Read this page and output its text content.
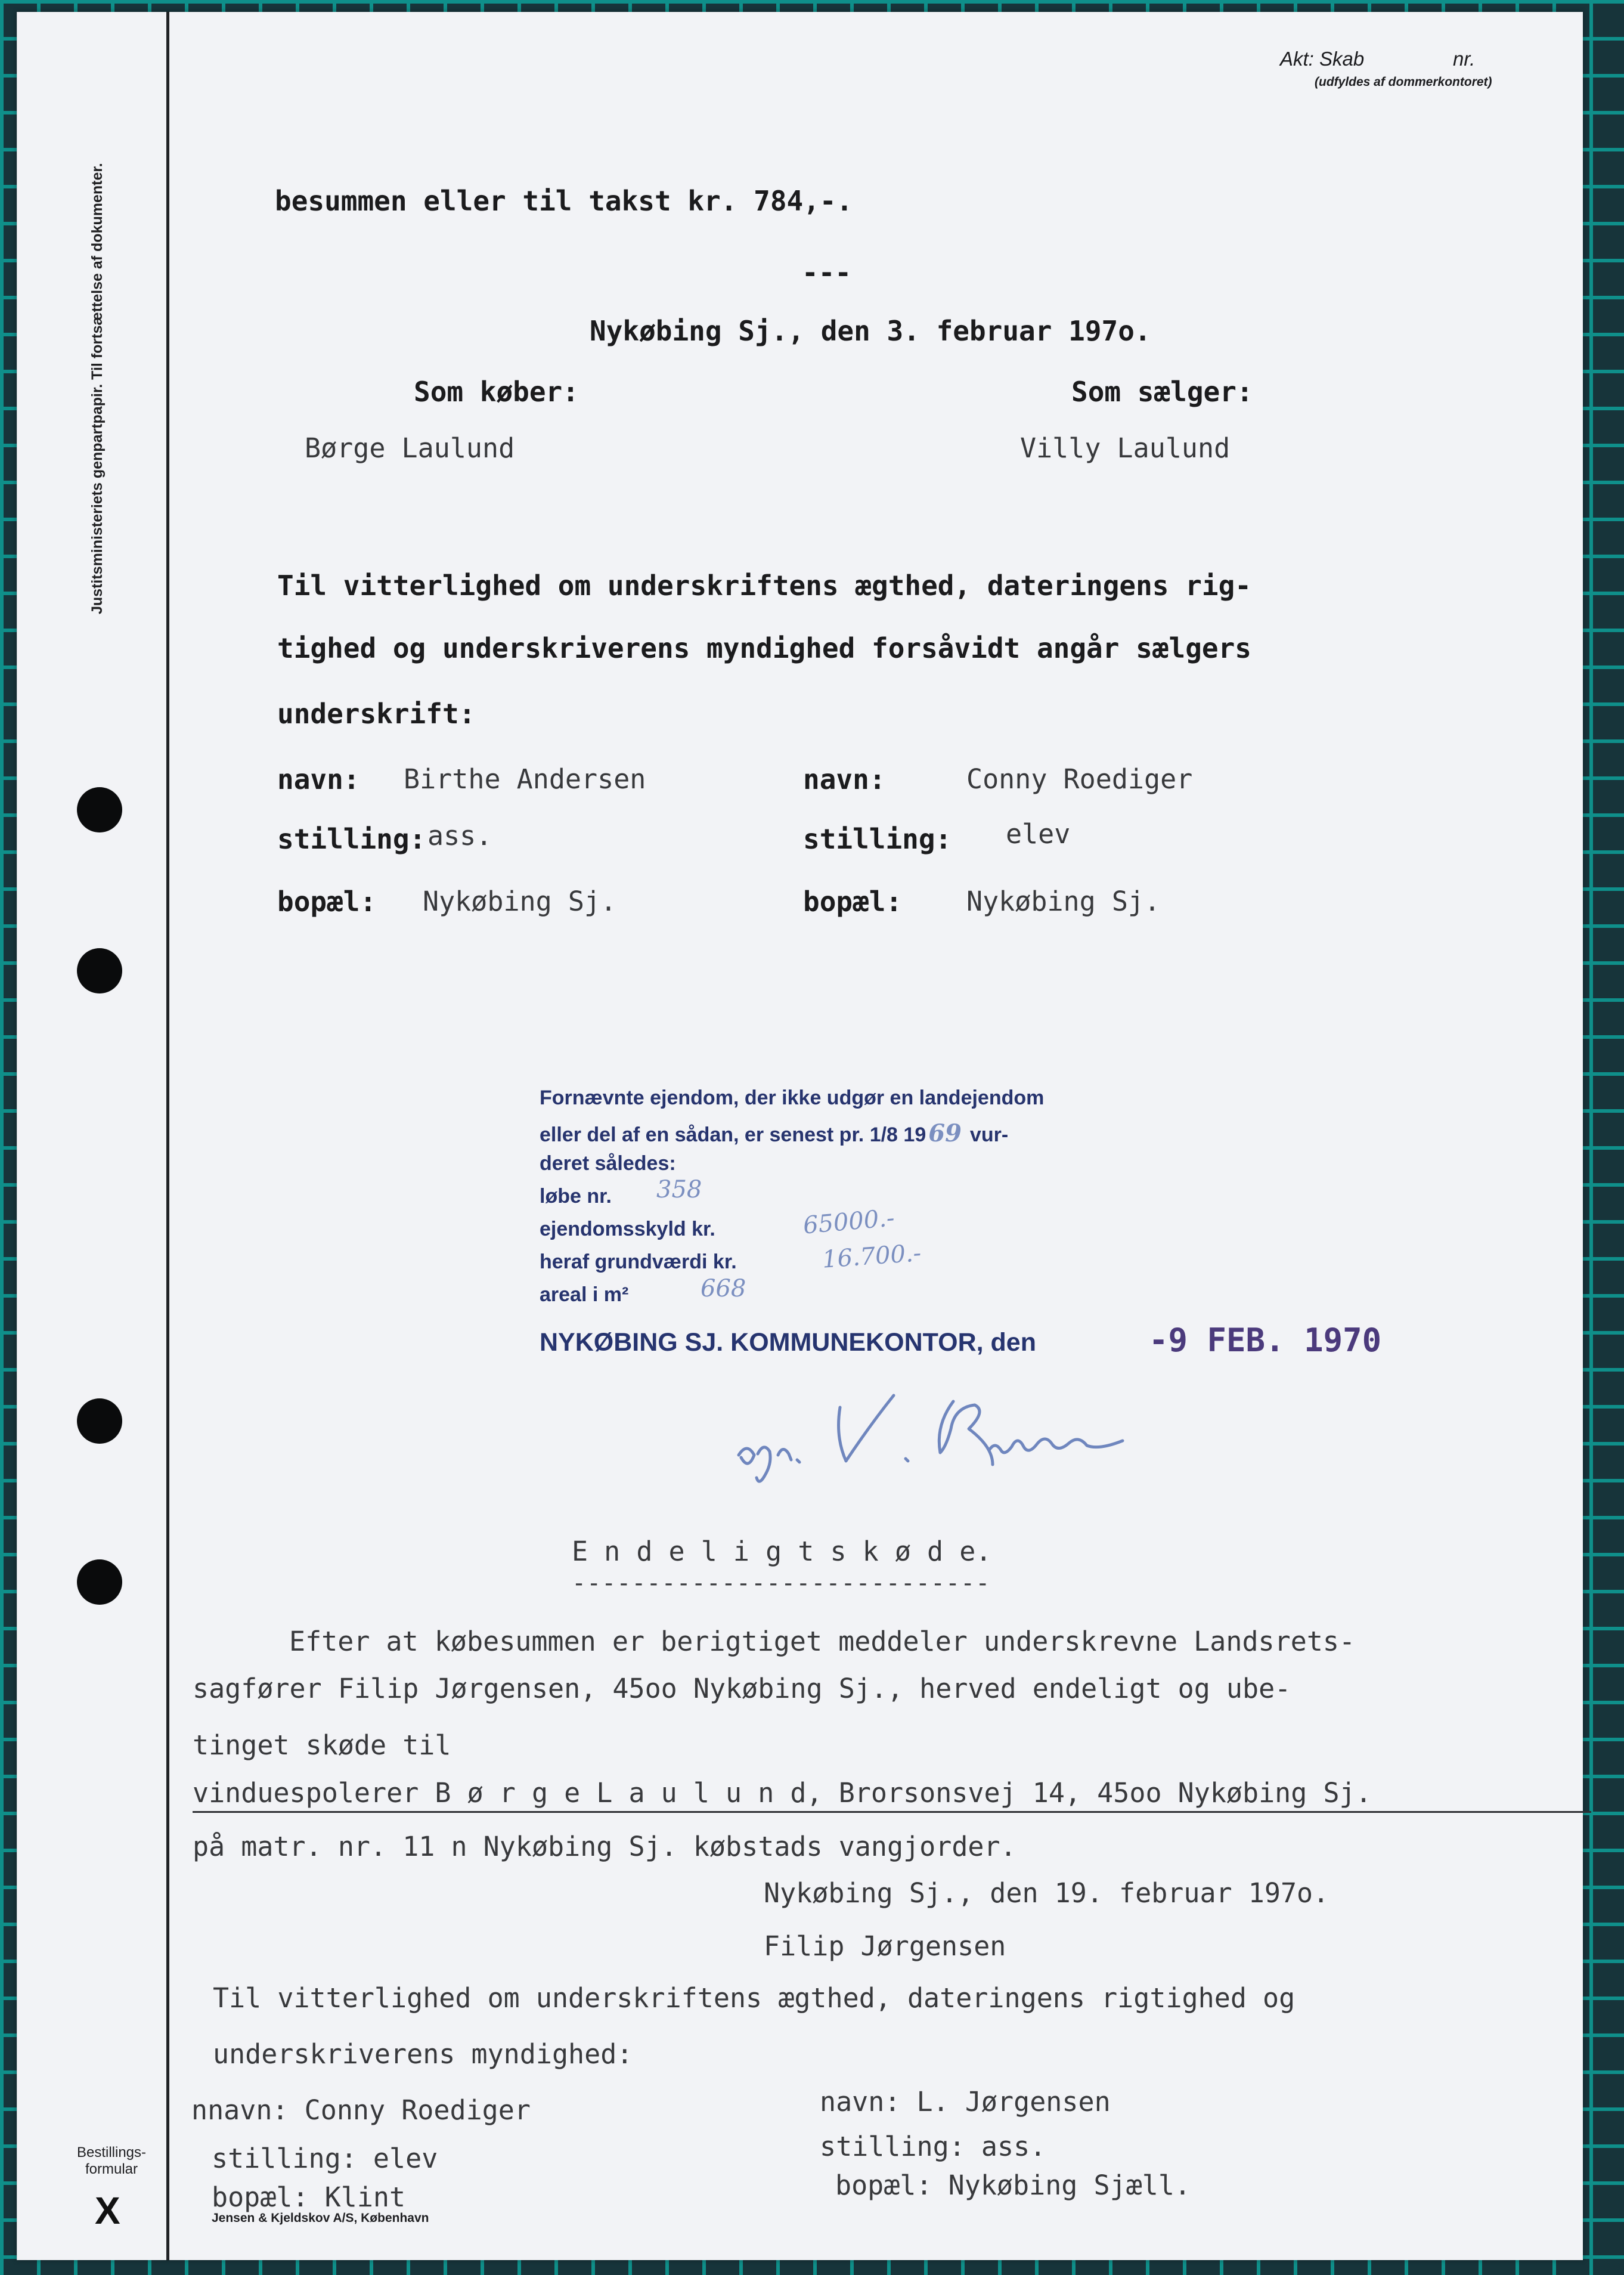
Justitsministeriets genpartpapir. Til fortsættelse af dokumenter.
Akt: Skab	nr.
(udfyldes af dommerkontoret)
besummen eller til takst kr. 784,-.
---
Nykøbing Sj., den 3. februar 197o.
Som køber:	Som sælger:
Børge Laulund	Villy Laulund
Til vitterlighed om underskriftens ægthed, dateringens rig-
tighed og underskriverens myndighed forsåvidt angår sælgers
underskrift:
navn: Birthe Andersen
stilling: ass.
bopæl: Nykøbing Sj.
navn:	Conny Roediger
stilling: elev
bopæl: Nykøbing Sj.
Fornævnte ejendom, der ikke udgør en landejendom
eller del af en sådan, er senest pr. 1/8 19 69 vur-
deret således:
løbe nr. 358
ejendomsskyld kr.	65000.-
heraf grundværdi kr.	16.700.-
areal i m²	668
NYKØBING SJ. KOMMUNEKONTOR, den	-9 FEB. 1970
E n d e l i g t s k ø d e.
----------------------------
Efter at købesummen er berigtiget meddeler underskrevne Landsrets-
sagfører Filip Jørgensen, 45oo Nykøbing Sj., herved endeligt og ube-
tinget skøde til
vinduespolerer B ø r g e L a u l u n d, Brorsonsvej 14, 45oo Nykøbing Sj.
på matr. nr. 11 n Nykøbing Sj. købstads vangjorder.
Nykøbing Sj., den 19. februar 197o.
Filip Jørgensen
Til vitterlighed om underskriftens ægthed, dateringens rigtighed og
underskriverens myndighed:
nnavn: Conny Roediger
stilling: elev
bopæl: Klint
navn: L. Jørgensen
stilling: ass.
bopæl: Nykøbing Sjæll.
Bestillings-
formular
X	Jensen & Kjeldskov A/S, København
